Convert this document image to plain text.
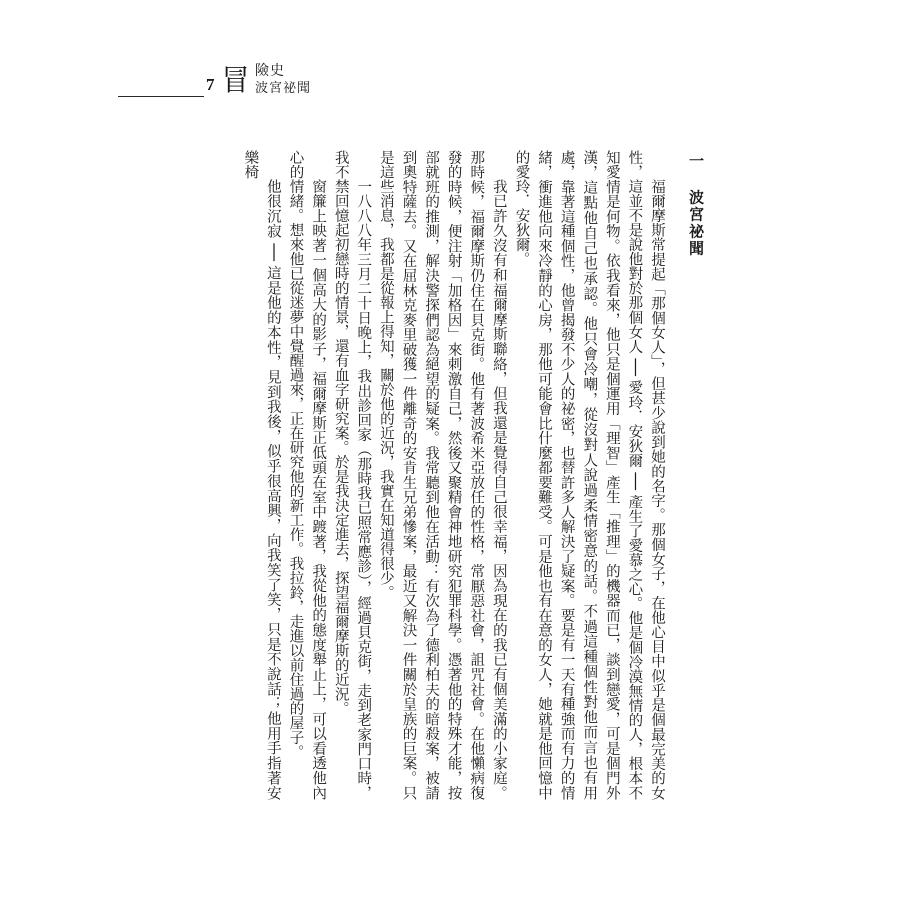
7 冒 險史
波宮祕聞
一 波宮祕聞

福爾摩斯常提起「那個女人」，但甚少說到她的名字。那個女子，在他心目中似乎是個最完美的女性，這並不是說他對於那個女人 ── 愛玲．安狄爾 ── 產生了愛慕之心。他是個冷漠無情的人，根本不知愛情是何物。依我看來，他只是個運用「理智」產生「推理」的機器而已，談到戀愛，可是個門外漢，這點他自己也承認。他只會冷嘲，從沒對人說過柔情密意的話。不過這種個性對他而言也有用處，靠著這種個性，他曾揭發不少人的祕密，也替許多人解決了疑案。要是有一天有種強而有力的情緒，衝進他向來冷靜的心房，那他可能會比什麼都要難受。可是他也有在意的女人，她就是他回憶中的愛玲．安狄爾。

我已許久沒有和福爾摩斯聯絡，但我還是覺得自己很幸福，因為現在的我已有個美滿的小家庭。那時候，福爾摩斯仍住在貝克街。他有著波希米亞放任的性格，常厭惡社會，詛咒社會。在他懶病復發的時候，便注射「加格因」來刺激自己，然後又聚精會神地研究犯罪科學。憑著他的特殊才能，按部就班的推測，解決警探們認為絕望的疑案。我常聽到他在活動：有次為了德利柏夫的暗殺案，被請到奧特薩去。又在屈林克麥里破獲一件離奇的安肯生兄弟慘案，最近又解決一件關於皇族的巨案。只是這些消息，我都是從報上得知，關於他的近況，我實在知道得很少。

一八八八年三月二十日晚上，我出診回家（那時我已照常應診），經過貝克街，走到老家門口時，我不禁回憶起初戀時的情景，還有血字研究案。於是我決定進去，探望福爾摩斯的近況。

窗簾上映著一個高大的影子，福爾摩斯正低頭在室中踱著，我從他的態度舉止上，可以看透他內心的情緒。想來他已從迷夢中覺醒過來，正在研究他的新工作。我拉鈴，走進以前住過的屋子。

他很沉寂 ── 這是他的本性，見到我後，似乎很高興，向我笑了笑，只是不說話；他用手指著安樂椅
